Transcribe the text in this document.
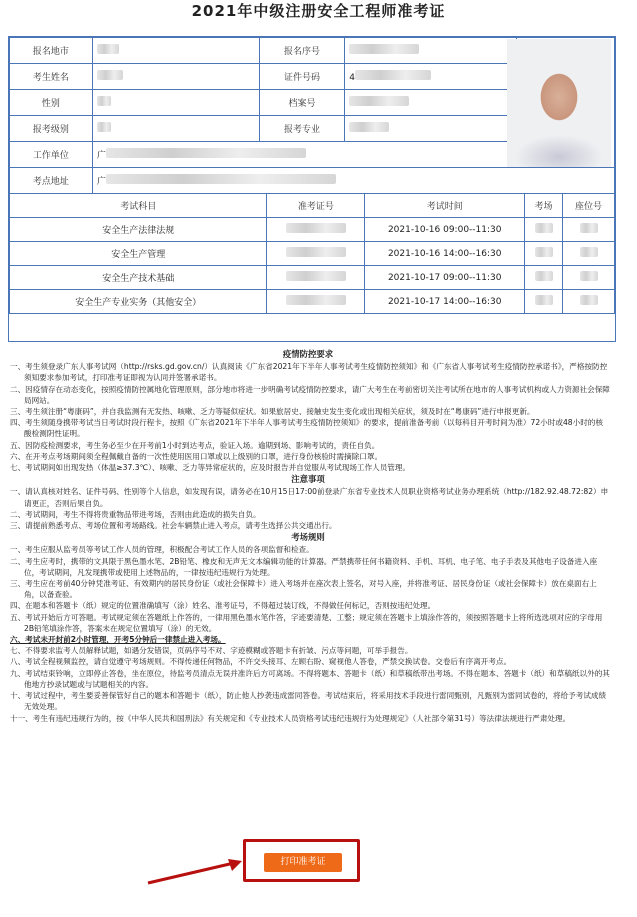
2021年中级注册安全工程师准考证
报名地市		报名序号		
考生姓名		证件号码	4	
性别		档案号		
报考级别		报考专业		
工作单位	广			
考点地址	广			
考试科目	准考证号	考试时间	考场	座位号
安全生产法律法规		2021-10-16 09:00--11:30		
安全生产管理		2021-10-16 14:00--16:30		
安全生产技术基础		2021-10-17 09:00--11:30		
安全生产专业实务（其他安全）		2021-10-17 14:00--16:30		
疫情防控要求
一、考生须登录广东人事考试网（http://rsks.gd.gov.cn/）认真阅读《广东省2021年下半年人事考试考生疫情防控须知》和《广东省人事考试考生疫情防控承诺书》，严格按防控须知要求参加考试，打印准考证即视为认同并签署承诺书。
二、因疫情存在动态变化，按照疫情防控属地化管理原则，部分地市将进一步明确考试疫情防控要求，请广大考生在考前密切关注考试所在地市的人事考试机构或人力资源社会保障局网站。
三、考生须注册“粤康码”，并自我监测有无发热、咳嗽、乏力等疑似症状。如果旅居史、接触史发生变化或出现相关症状，须及时在“粤康码”进行申报更新。
四、考生须随身携带考试当日考试时段行程卡，按照《广东省2021年下半年人事考试考生疫情防控须知》的要求，提前准备考前（以每科目开考时间为准）72小时或48小时的核酸检测阴性证明。
五、因防疫检测要求，考生务必至少在开考前1小时到达考点，验证入场。逾期到场、影响考试的，责任自负。
六、在开考点考场期间须全程佩戴自备的一次性使用医用口罩或以上级别的口罩，进行身份核验时需摘除口罩。
七、考试期间如出现发热（体温≥37.3℃）、咳嗽、乏力等异常症状的，应及时报告并自觉服从考试现场工作人员管理。
注意事项
一、请认真核对姓名、证件号码、性别等个人信息，如发现有误，请务必在10月15日17:00前登录广东省专业技术人员职业资格考试业务办理系统（http://182.92.48.72:82）申请更正，否则后果自负。
二、考试期间，考生不得将贵重物品带进考场，否则由此造成的损失自负。
三、请提前熟悉考点、考场位置和考场路线。社会车辆禁止进入考点，请考生选择公共交通出行。
考场规则
一、考生应服从监考员等考试工作人员的管理，积极配合考试工作人员的各项监督和检查。
二、考生应考时，携带的文具限于黑色墨水笔、2B铅笔、橡皮和无声无文本编辑功能的计算器。严禁携带任何书籍资料、手机、耳机、电子笔、电子手表及其他电子设备进入座位，考试期间，凡发现携带或使用上述物品的，一律按违纪违规行为处理。
三、考生应在考前40分钟凭准考证、有效期内的居民身份证（或社会保障卡）进入考场并在座次表上签名，对号入座，并将准考证、居民身份证（或社会保障卡）放在桌面右上角，以备查验。
四、在题本和答题卡（纸）规定的位置准确填写（涂）姓名、准考证号，不得超过装订线，不得做任何标记，否则按违纪处理。
五、考试开始后方可答题。考试规定须在答题纸上作答的，一律用黑色墨水笔作答，字迹要清楚、工整；规定须在答题卡上填涂作答的，须按照答题卡上将所选选项对应的字母用2B铅笔填涂作答，答案未在规定位置填写（涂）的无效。
六、考试未开封前2小时管理，开考5分钟后一律禁止进入考场。
七、不得要求监考人员解释试题，如遇分发错误，页码序号不对、字迹模糊或答题卡有折皱、污点等问题，可举手报告。
八、考试全程视频监控，请自觉遵守考场规则。不得传递任何物品，不许交头接耳、左顾右盼、窥视他人答卷，严禁交换试卷。交卷后有序离开考点。
九、考试结束铃响，立即停止答卷，坐在原位，待监考员清点无误并准许后方可离场。不得将题本、答题卡（纸）和草稿纸带出考场。不得在题本、答题卡（纸）和草稿纸以外的其他地方抄录试题或与试题相关的内容。
十、考试过程中，考生要妥善保管好自己的题本和答题卡（纸），防止他人抄袭违成雷同答卷。考试结束后，将采用技术手段进行雷同甄别，凡甄别为雷同试卷的，将给予考试成绩无效处理。
十一、考生有违纪违规行为的，按《中华人民共和国刑法》有关规定和《专业技术人员资格考试违纪违规行为处理规定》（人社部令第31号）等法律法规进行严肃处理。
打印准考证
